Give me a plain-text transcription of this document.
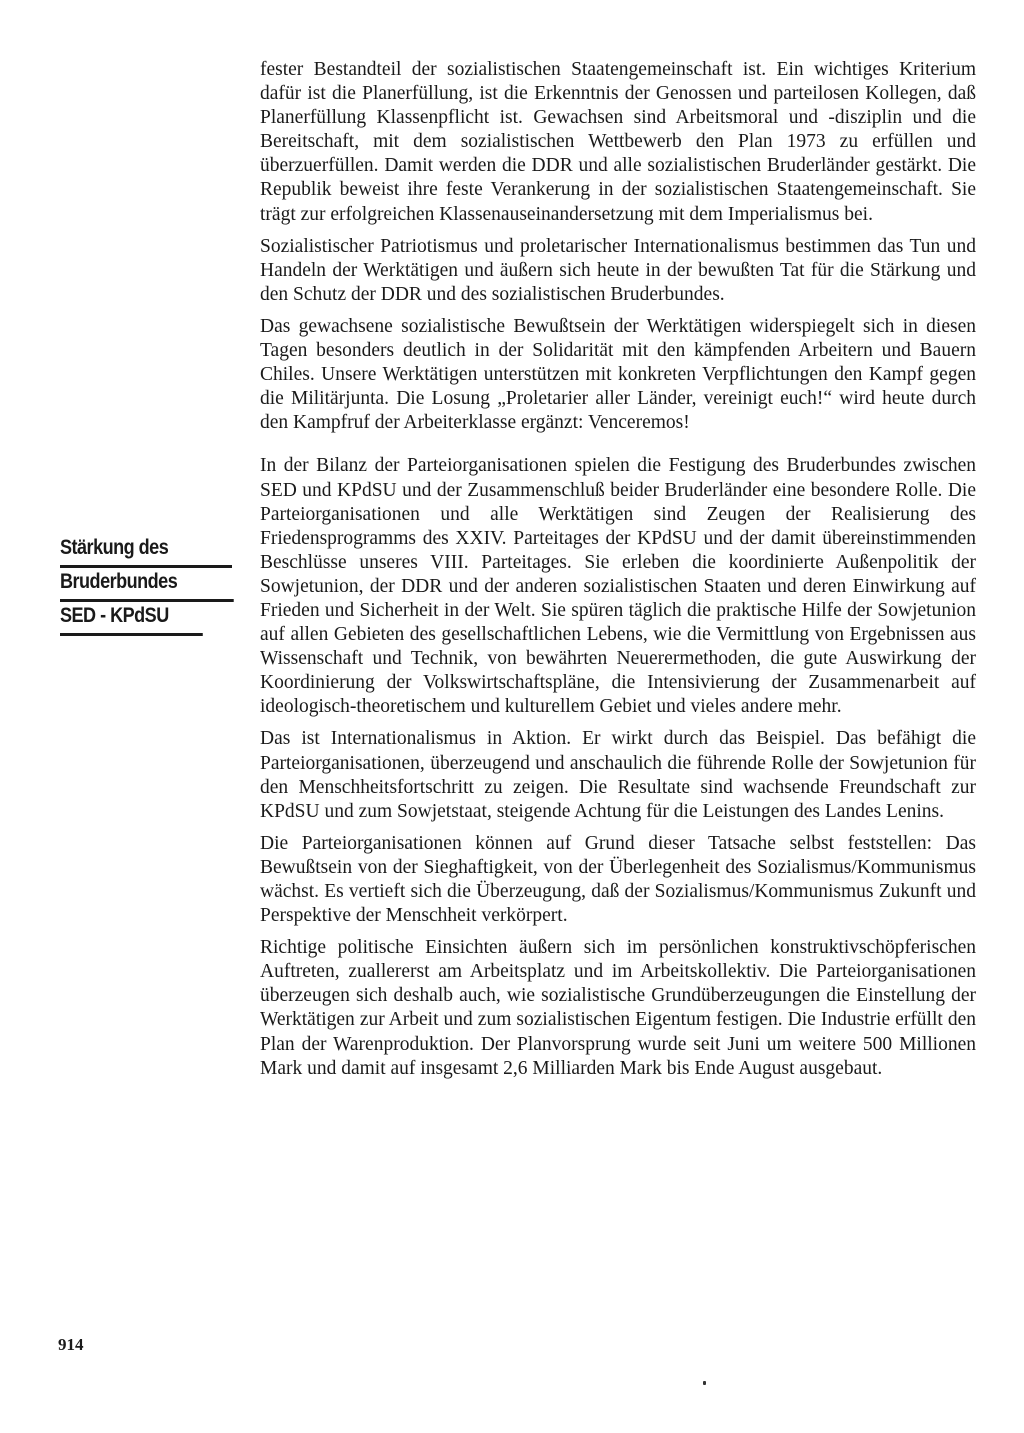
fester Bestandteil der sozialistischen Staatengemeinschaft ist. Ein wichtiges Kriterium dafür ist die Planerfüllung, ist die Erkenntnis der Genossen und parteilosen Kollegen, daß Planerfüllung Klassenpflicht ist. Gewachsen sind Arbeitsmoral und -disziplin und die Bereitschaft, mit dem sozialistischen Wettbewerb den Plan 1973 zu erfüllen und überzuerfüllen. Damit werden die DDR und alle sozialistischen Bruderländer gestärkt. Die Republik beweist ihre feste Verankerung in der sozialistischen Staatengemeinschaft. Sie trägt zur erfolgreichen Klassenauseinandersetzung mit dem Imperialismus bei.

Sozialistischer Patriotismus und proletarischer Internationalismus bestimmen das Tun und Handeln der Werktätigen und äußern sich heute in der bewußten Tat für die Stärkung und den Schutz der DDR und des sozialistischen Bruderbundes.

Das gewachsene sozialistische Bewußtsein der Werktätigen widerspiegelt sich in diesen Tagen besonders deutlich in der Solidarität mit den kämpfenden Arbeitern und Bauern Chiles. Unsere Werktätigen unterstützen mit konkreten Verpflichtungen den Kampf gegen die Militärjunta. Die Losung „Proletarier aller Länder, vereinigt euch!“ wird heute durch den Kampfruf der Arbeiterklasse ergänzt: Venceremos!

In der Bilanz der Parteiorganisationen spielen die Festigung des Bruderbundes zwischen SED und KPdSU und der Zusammenschluß beider Bruderländer eine besondere Rolle. Die Parteiorganisationen und alle Werktätigen sind Zeugen der Realisierung des Friedensprogramms des XXIV. Parteitages der KPdSU und der damit übereinstimmenden Beschlüsse unseres VIII. Parteitages. Sie erleben die koordinierte Außenpolitik der Sowjetunion, der DDR und der anderen sozialistischen Staaten und deren Einwirkung auf Frieden und Sicherheit in der Welt. Sie spüren täglich die praktische Hilfe der Sowjetunion auf allen Gebieten des gesellschaftlichen Lebens, wie die Vermittlung von Ergebnissen aus Wissenschaft und Technik, von bewährten Neuerermethoden, die gute Auswirkung der Koordinierung der Volkswirtschaftspläne, die Intensivierung der Zusammenarbeit auf ideologisch-theoretischem und kulturellem Gebiet und vieles andere mehr.

Das ist Internationalismus in Aktion. Er wirkt durch das Beispiel. Das befähigt die Parteiorganisationen, überzeugend und anschaulich die führende Rolle der Sowjetunion für den Menschheitsfortschritt zu zeigen. Die Resultate sind wachsende Freundschaft zur KPdSU und zum Sowjetstaat, steigende Achtung für die Leistungen des Landes Lenins.

Die Parteiorganisationen können auf Grund dieser Tatsache selbst feststellen: Das Bewußtsein von der Sieghaftigkeit, von der Überlegenheit des Sozialismus/Kommunismus wächst. Es vertieft sich die Überzeugung, daß der Sozialismus/Kommunismus Zukunft und Perspektive der Menschheit verkörpert.

Richtige politische Einsichten äußern sich im persönlichen konstruktivschöpferischen Auftreten, zuallererst am Arbeitsplatz und im Arbeitskollektiv. Die Parteiorganisationen überzeugen sich deshalb auch, wie sozialistische Grundüberzeugungen die Einstellung der Werktätigen zur Arbeit und zum sozialistischen Eigentum festigen. Die Industrie erfüllt den Plan der Warenproduktion. Der Planvorsprung wurde seit Juni um weitere 500 Millionen Mark und damit auf insgesamt 2,6 Milliarden Mark bis Ende August ausgebaut.

Stärkung des
Bruderbundes
SED - KPdSU
914
